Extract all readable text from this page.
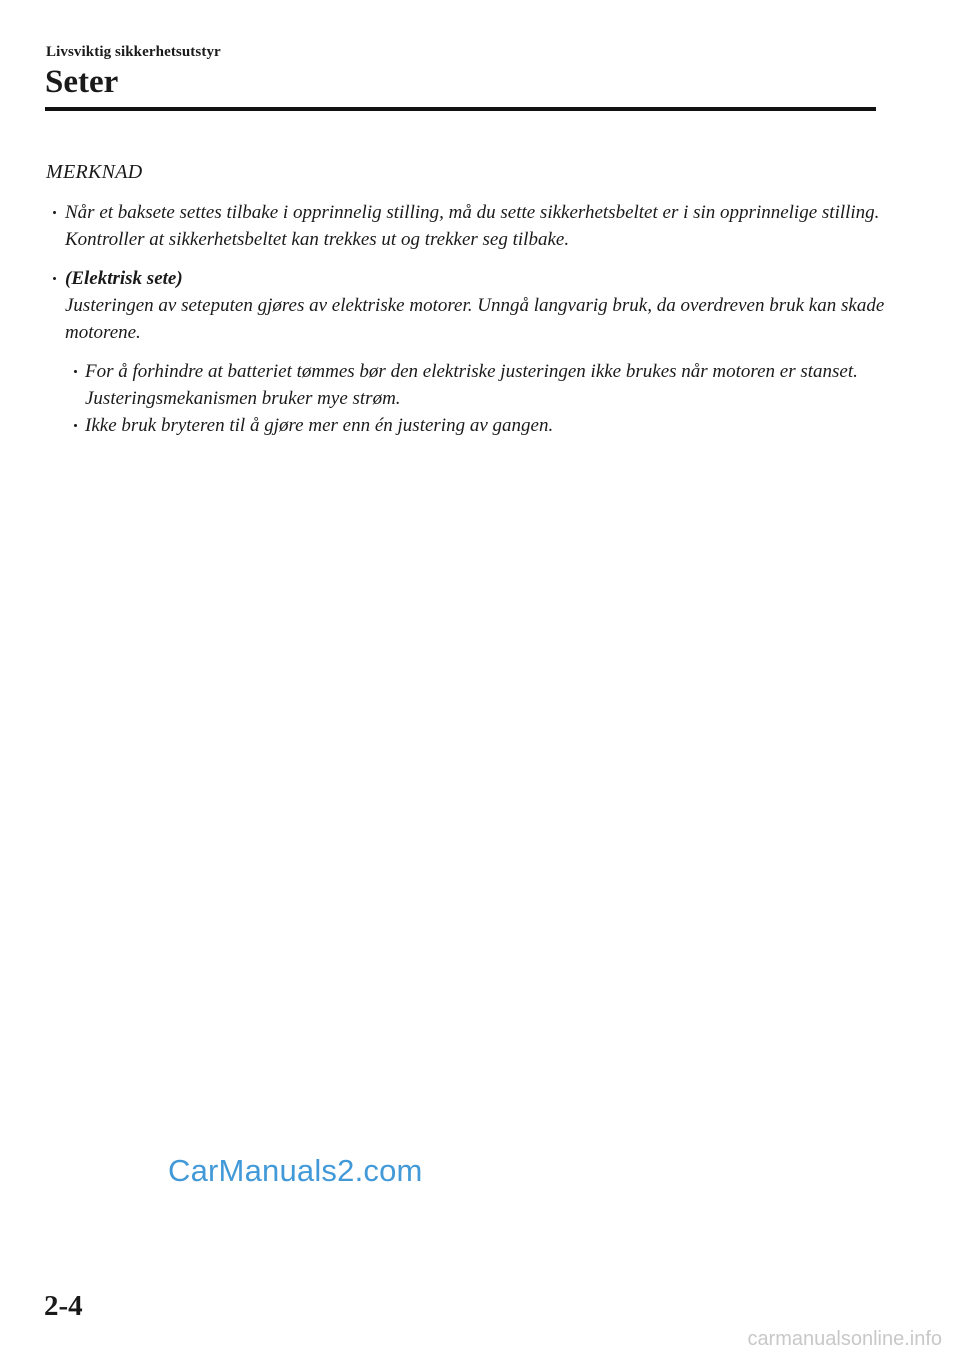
Livsviktig sikkerhetsutstyr
Seter
MERKNAD
Når et baksete settes tilbake i opprinnelig stilling, må du sette sikkerhetsbeltet er i sin opprinnelige stilling. Kontroller at sikkerhetsbeltet kan trekkes ut og trekker seg tilbake.
(Elektrisk sete)
Justeringen av seteputen gjøres av elektriske motorer. Unngå langvarig bruk, da overdreven bruk kan skade motorene.
For å forhindre at batteriet tømmes bør den elektriske justeringen ikke brukes når motoren er stanset. Justeringsmekanismen bruker mye strøm.
Ikke bruk bryteren til å gjøre mer enn én justering av gangen.
CarManuals2.com
2-4
carmanualsonline.info
